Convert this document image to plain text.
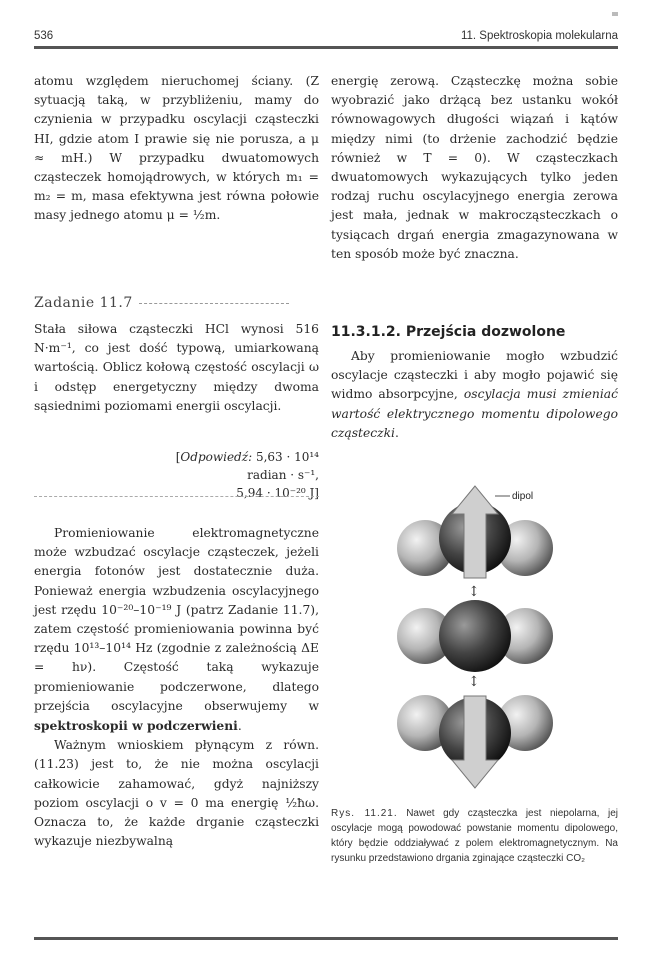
536	11. Spektroskopia molekularna

atomu względem nieruchomej ściany. (Z sytuacją taką, w przybliżeniu, mamy do czynienia w przypadku oscylacji cząsteczki HI, gdzie atom I prawie się nie porusza, a μ ≈ mH.) W przypadku dwuatomowych cząsteczek homojądrowych, w których m₁ = m₂ = m, masa efektywna jest równa połowie masy jednego atomu μ = ½m.

Zadanie 11.7

Stała siłowa cząsteczki HCl wynosi 516 N·m⁻¹, co jest dość typową, umiarkowaną wartością. Oblicz kołową częstość oscylacji ω i odstęp energetyczny między dwoma sąsiednimi poziomami energii oscylacji.

[Odpowiedź: 5,63 · 10¹⁴ radian · s⁻¹,
5,94 · 10⁻²⁰ J]

Promieniowanie elektromagnetyczne może wzbudzać oscylacje cząsteczek, jeżeli energia fotonów jest dostatecznie duża. Ponieważ energia wzbudzenia oscylacyjnego jest rzędu 10⁻²⁰–10⁻¹⁹ J (patrz Zadanie 11.7), zatem częstość promieniowania powinna być rzędu 10¹³–10¹⁴ Hz (zgodnie z zależnością ΔE = hν). Częstość taką wykazuje promieniowanie podczerwone, dlatego przejścia oscylacyjne obserwujemy w spektroskopii w podczerwieni.

Ważnym wnioskiem płynącym z równ. (11.23) jest to, że nie można oscylacji całkowicie zahamować, gdyż najniższy poziom oscylacji o v = 0 ma energię ½ħω. Oznacza to, że każde drganie cząsteczki wykazuje niezbywalną

energię zerową. Cząsteczkę można sobie wyobrazić jako drżącą bez ustanku wokół równowagowych długości wiązań i kątów między nimi (to drżenie zachodzić będzie również w T = 0). W cząsteczkach dwuatomowych wykazujących tylko jeden rodzaj ruchu oscylacyjnego energia zerowa jest mała, jednak w makrocząsteczkach o tysiącach drgań energia zmagazynowana w ten sposób może być znaczna.

11.3.1.2. Przejścia dozwolone

Aby promieniowanie mogło wzbudzić oscylacje cząsteczki i aby mogło pojawić się widmo absorpcyjne, oscylacja musi zmieniać wartość elektrycznego momentu dipolowego cząsteczki.

dipol
↕
↕
Rys. 11.21. Nawet gdy cząsteczka jest niepolarna, jej oscylacje mogą powodować powstanie momentu dipolowego, który będzie oddziaływać z polem elektromagnetycznym. Na rysunku przedstawiono drgania zginające cząsteczki CO₂
